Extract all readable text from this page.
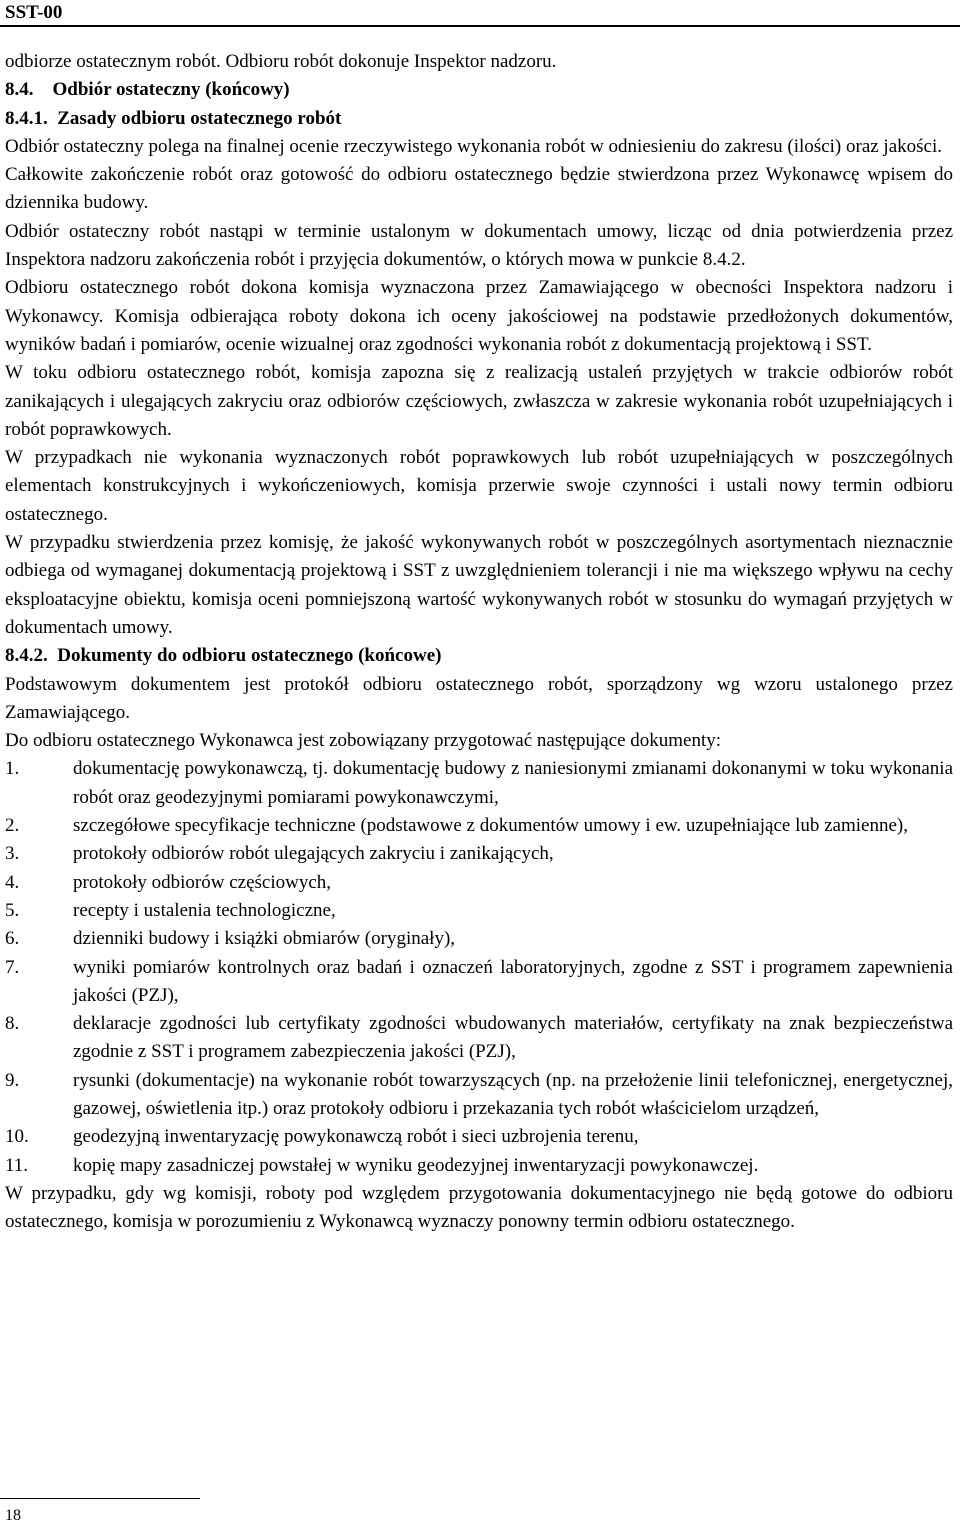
SST-00

odbiorze ostatecznym robót. Odbioru robót dokonuje Inspektor nadzoru.

8.4.    Odbiór ostateczny (końcowy)

8.4.1.  Zasady odbioru ostatecznego robót

Odbiór ostateczny polega na finalnej ocenie rzeczywistego wykonania robót w odniesieniu do zakresu (ilości) oraz jakości.

Całkowite zakończenie robót oraz gotowość do odbioru ostatecznego będzie stwierdzona przez Wykonawcę wpisem do dziennika budowy.

Odbiór ostateczny robót nastąpi w terminie ustalonym w dokumentach umowy, licząc od dnia potwierdzenia przez Inspektora nadzoru zakończenia robót i przyjęcia dokumentów, o których mowa w punkcie 8.4.2.

Odbioru ostatecznego robót dokona komisja wyznaczona przez Zamawiającego w obecności Inspektora nadzoru i Wykonawcy. Komisja odbierająca roboty dokona ich oceny jakościowej na podstawie przedłożonych dokumentów, wyników badań i pomiarów, ocenie wizualnej oraz zgodności wykonania robót z dokumentacją projektową i SST.

W toku odbioru ostatecznego robót, komisja zapozna się z realizacją ustaleń przyjętych w trakcie odbiorów robót zanikających i ulegających zakryciu oraz odbiorów częściowych, zwłaszcza w zakresie wykonania robót uzupełniających i robót poprawkowych.

W przypadkach nie wykonania wyznaczonych robót poprawkowych lub robót uzupełniających w poszczególnych elementach konstrukcyjnych i wykończeniowych, komisja przerwie swoje czynności i ustali nowy termin odbioru ostatecznego.

W przypadku stwierdzenia przez komisję, że jakość wykonywanych robót w poszczególnych asortymentach nieznacznie odbiega od wymaganej dokumentacją projektową i SST z uwzględnieniem tolerancji i nie ma większego wpływu na cechy eksploatacyjne obiektu, komisja oceni pomniejszoną wartość wykonywanych robót w stosunku do wymagań przyjętych w dokumentach umowy.

8.4.2.  Dokumenty do odbioru ostatecznego (końcowe)

Podstawowym dokumentem jest protokół odbioru ostatecznego robót, sporządzony wg wzoru ustalonego przez Zamawiającego.

Do odbioru ostatecznego Wykonawca jest zobowiązany przygotować następujące dokumenty:

1.	dokumentację powykonawczą, tj. dokumentację budowy z naniesionymi zmianami dokonanymi w toku wykonania robót oraz geodezyjnymi pomiarami powykonawczymi,
2.	szczegółowe specyfikacje techniczne (podstawowe z dokumentów umowy i ew. uzupełniające lub zamienne),
3.	protokoły odbiorów robót ulegających zakryciu i zanikających,
4.	protokoły odbiorów częściowych,
5.	recepty i ustalenia technologiczne,
6.	dzienniki budowy i książki obmiarów (oryginały),
7.	wyniki pomiarów kontrolnych oraz badań i oznaczeń laboratoryjnych, zgodne z SST i programem zapewnienia jakości (PZJ),
8.	deklaracje zgodności lub certyfikaty zgodności wbudowanych materiałów, certyfikaty na znak bezpieczeństwa zgodnie z SST i programem zabezpieczenia jakości (PZJ),
9.	rysunki (dokumentacje) na wykonanie robót towarzyszących (np. na przełożenie linii telefonicznej, energetycznej, gazowej, oświetlenia itp.) oraz protokoły odbioru i przekazania tych robót właścicielom urządzeń,
10.	geodezyjną inwentaryzację powykonawczą robót i sieci uzbrojenia terenu,
11.	kopię mapy zasadniczej powstałej w wyniku geodezyjnej inwentaryzacji powykonawczej.

W przypadku, gdy wg komisji, roboty pod względem przygotowania dokumentacyjnego nie będą gotowe do odbioru ostatecznego, komisja w porozumieniu z Wykonawcą wyznaczy ponowny termin odbioru ostatecznego.

18
